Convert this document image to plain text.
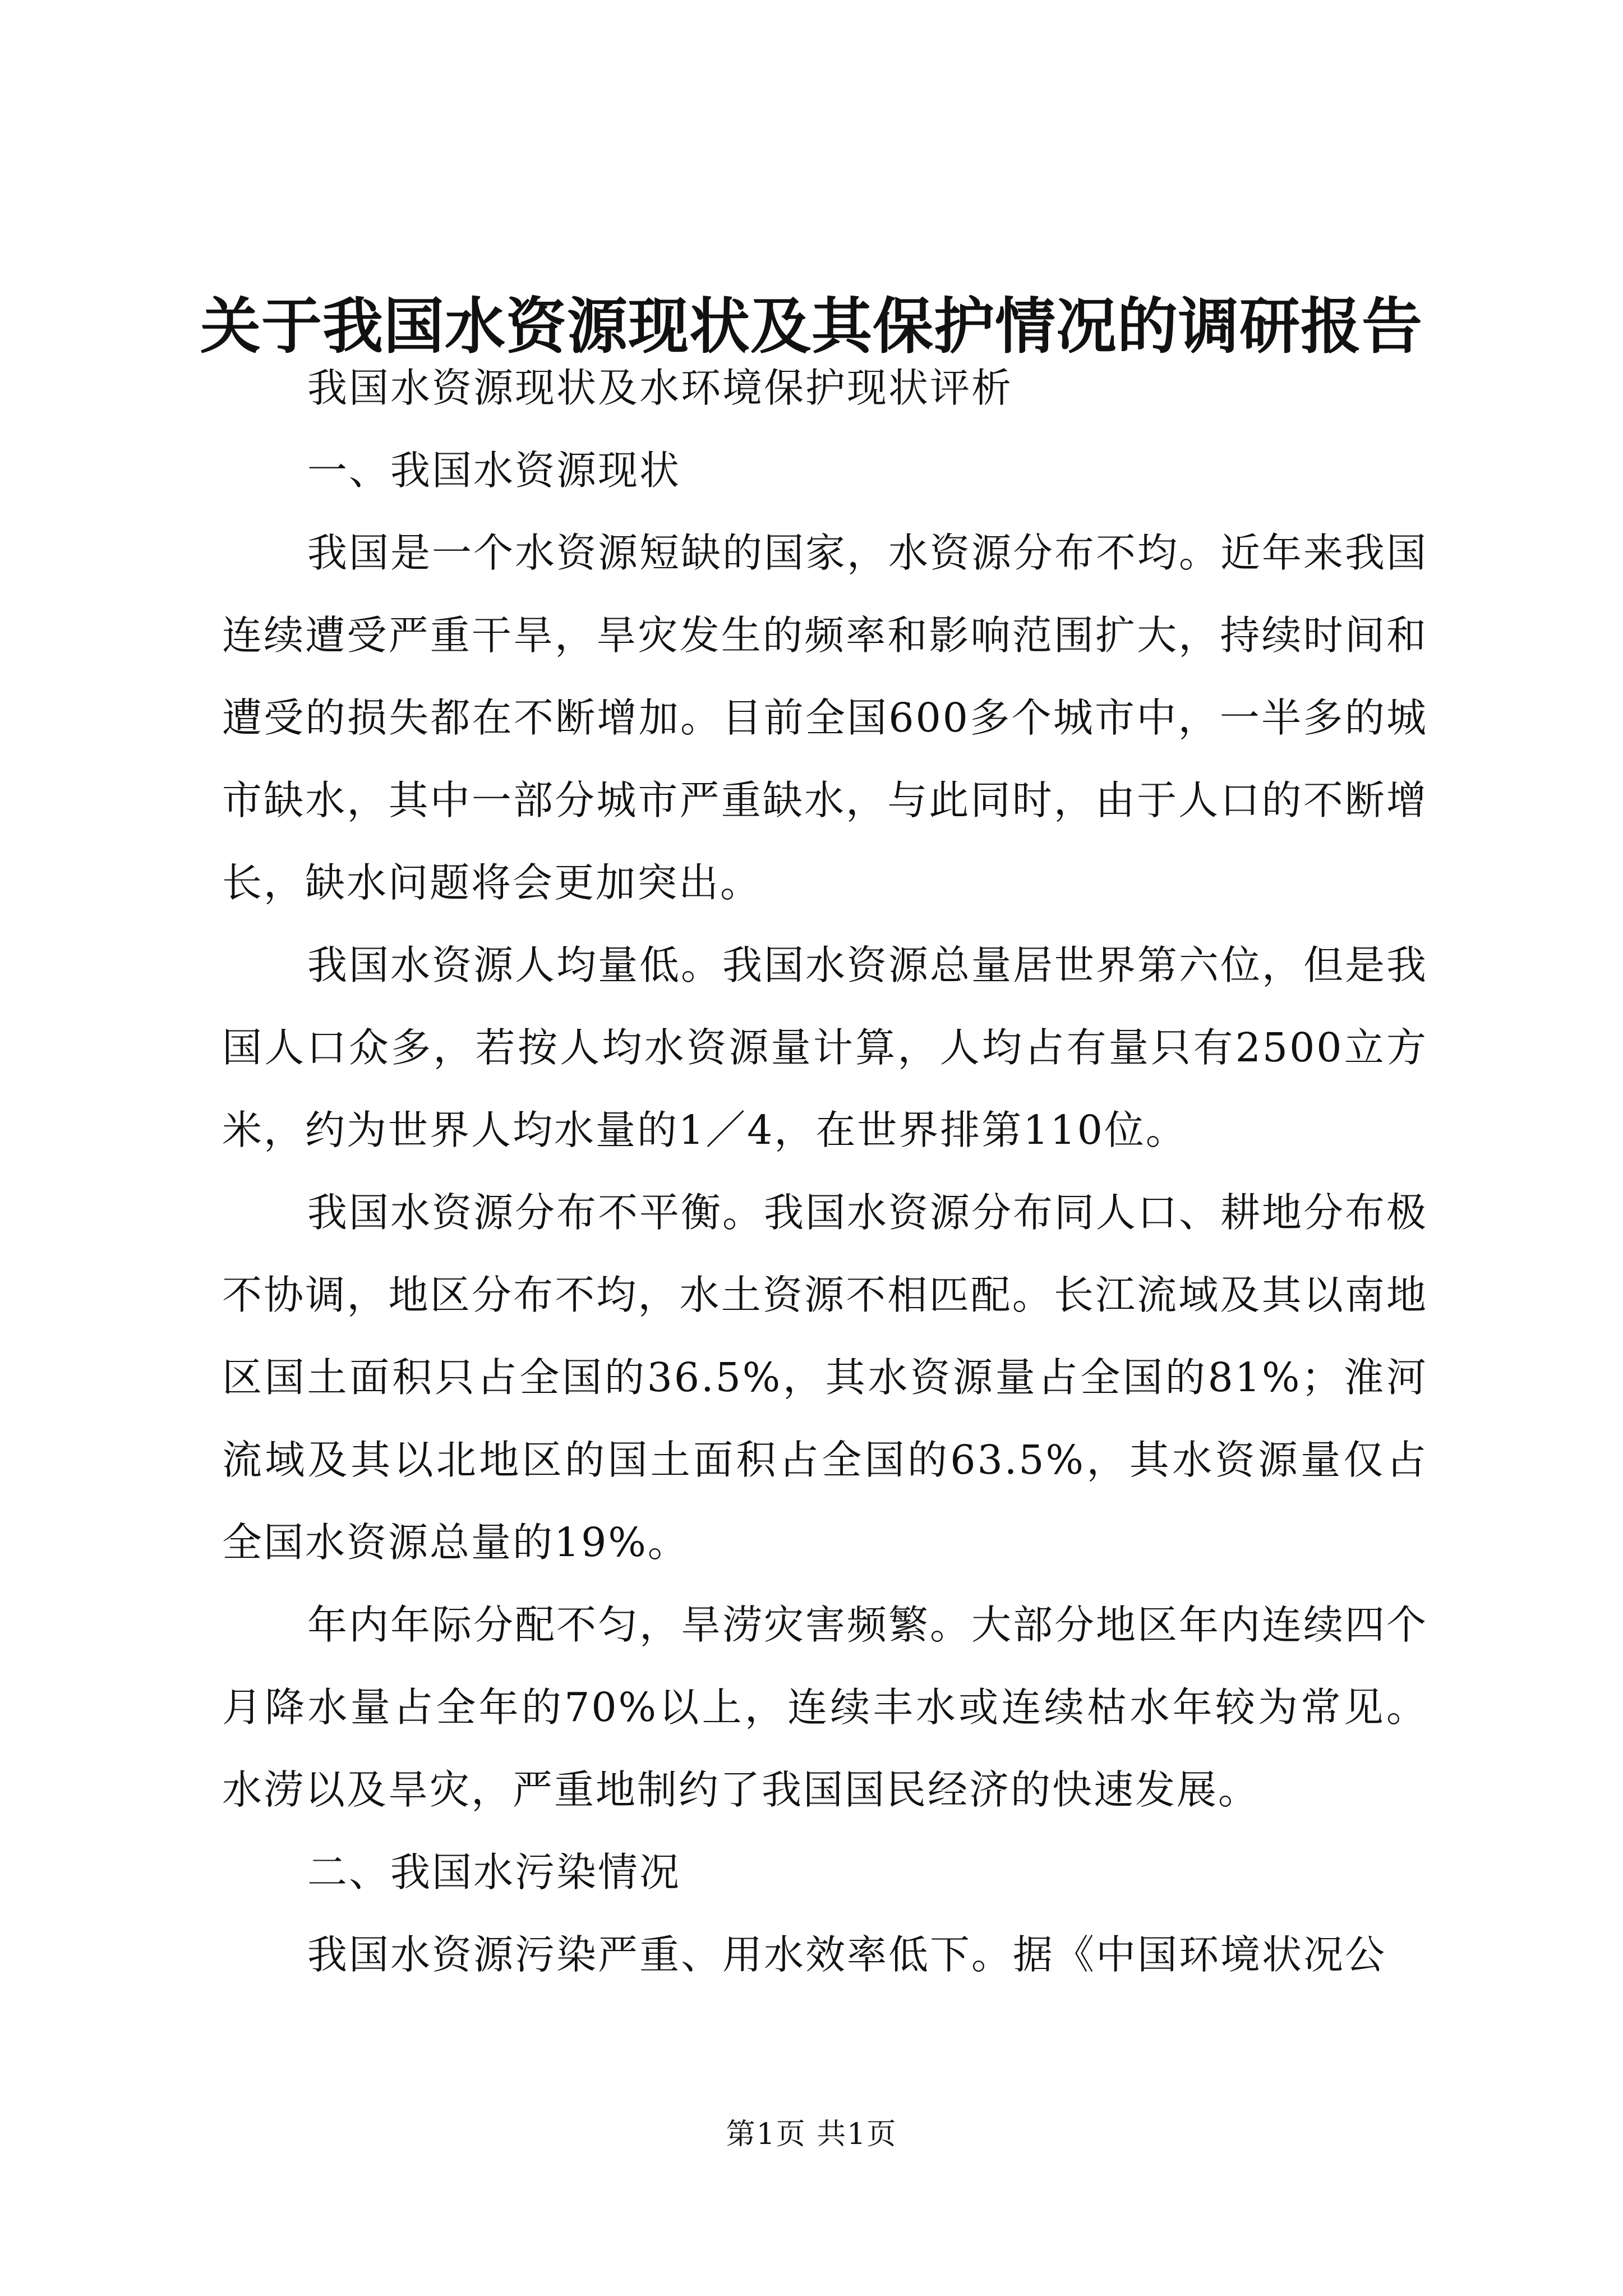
关于我国水资源现状及其保护情况的调研报告

我国水资源现状及水环境保护现状评析

一、我国水资源现状

我国是一个水资源短缺的国家，水资源分布不均。近年来我国连续遭受严重干旱，旱灾发生的频率和影响范围扩大，持续时间和遭受的损失都在不断增加。目前全国600多个城市中，一半多的城市缺水，其中一部分城市严重缺水，与此同时，由于人口的不断增长，缺水问题将会更加突出。

我国水资源人均量低。我国水资源总量居世界第六位，但是我国人口众多，若按人均水资源量计算，人均占有量只有2500立方米，约为世界人均水量的1／4，在世界排第110位。

我国水资源分布不平衡。我国水资源分布同人口、耕地分布极不协调，地区分布不均，水土资源不相匹配。长江流域及其以南地区国土面积只占全国的36.5%，其水资源量占全国的81%；淮河流域及其以北地区的国土面积占全国的63.5%，其水资源量仅占全国水资源总量的19%。

年内年际分配不匀，旱涝灾害频繁。大部分地区年内连续四个月降水量占全年的70%以上，连续丰水或连续枯水年较为常见。水涝以及旱灾，严重地制约了我国国民经济的快速发展。

二、我国水污染情况

我国水资源污染严重、用水效率低下。据《中国环境状况公

第1页 共1页
